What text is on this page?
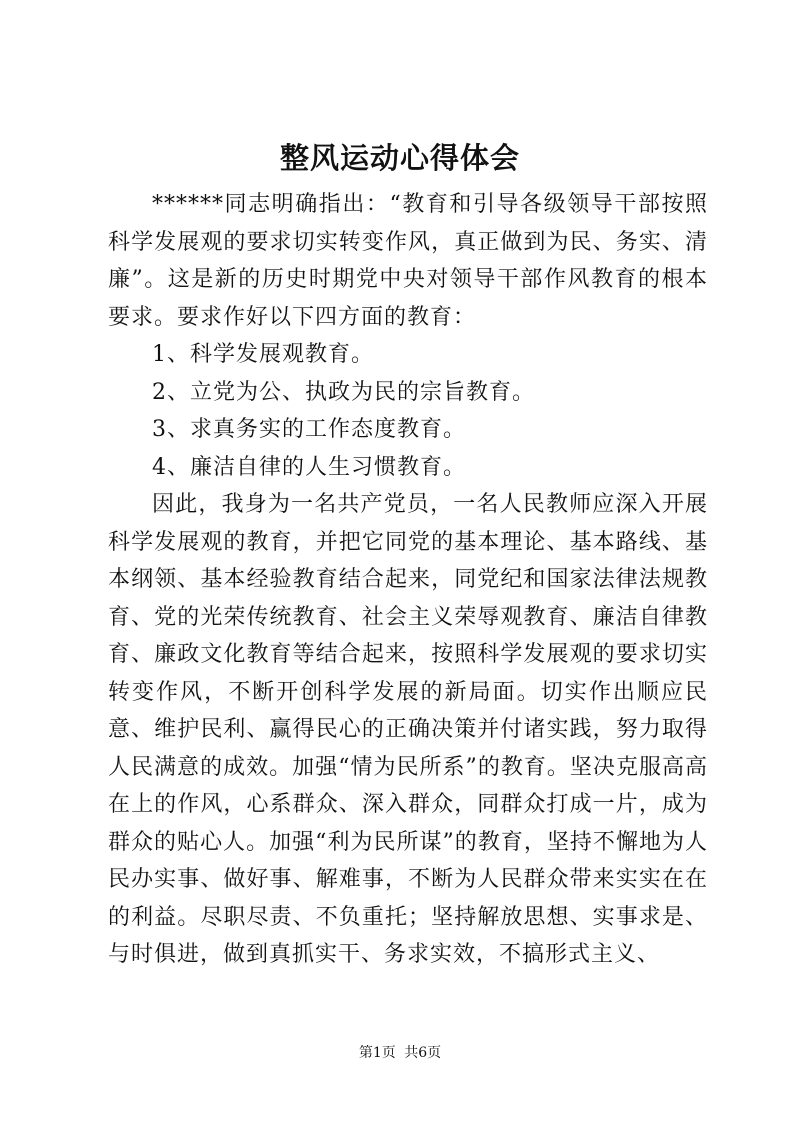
整风运动心得体会

******同志明确指出：“教育和引导各级领导干部按照科学发展观的要求切实转变作风，真正做到为民、务实、清廉”。这是新的历史时期党中央对领导干部作风教育的根本要求。要求作好以下四方面的教育：

1、科学发展观教育。

2、立党为公、执政为民的宗旨教育。

3、求真务实的工作态度教育。

4、廉洁自律的人生习惯教育。

因此，我身为一名共产党员，一名人民教师应深入开展科学发展观的教育，并把它同党的基本理论、基本路线、基本纲领、基本经验教育结合起来，同党纪和国家法律法规教育、党的光荣传统教育、社会主义荣辱观教育、廉洁自律教育、廉政文化教育等结合起来，按照科学发展观的要求切实转变作风，不断开创科学发展的新局面。切实作出顺应民意、维护民利、赢得民心的正确决策并付诸实践，努力取得人民满意的成效。加强“情为民所系”的教育。坚决克服高高在上的作风，心系群众、深入群众，同群众打成一片，成为群众的贴心人。加强“利为民所谋”的教育，坚持不懈地为人民办实事、做好事、解难事，不断为人民群众带来实实在在的利益。尽职尽责、不负重托；坚持解放思想、实事求是、与时俱进，做到真抓实干、务求实效，不搞形式主义、

第1页 共6页
